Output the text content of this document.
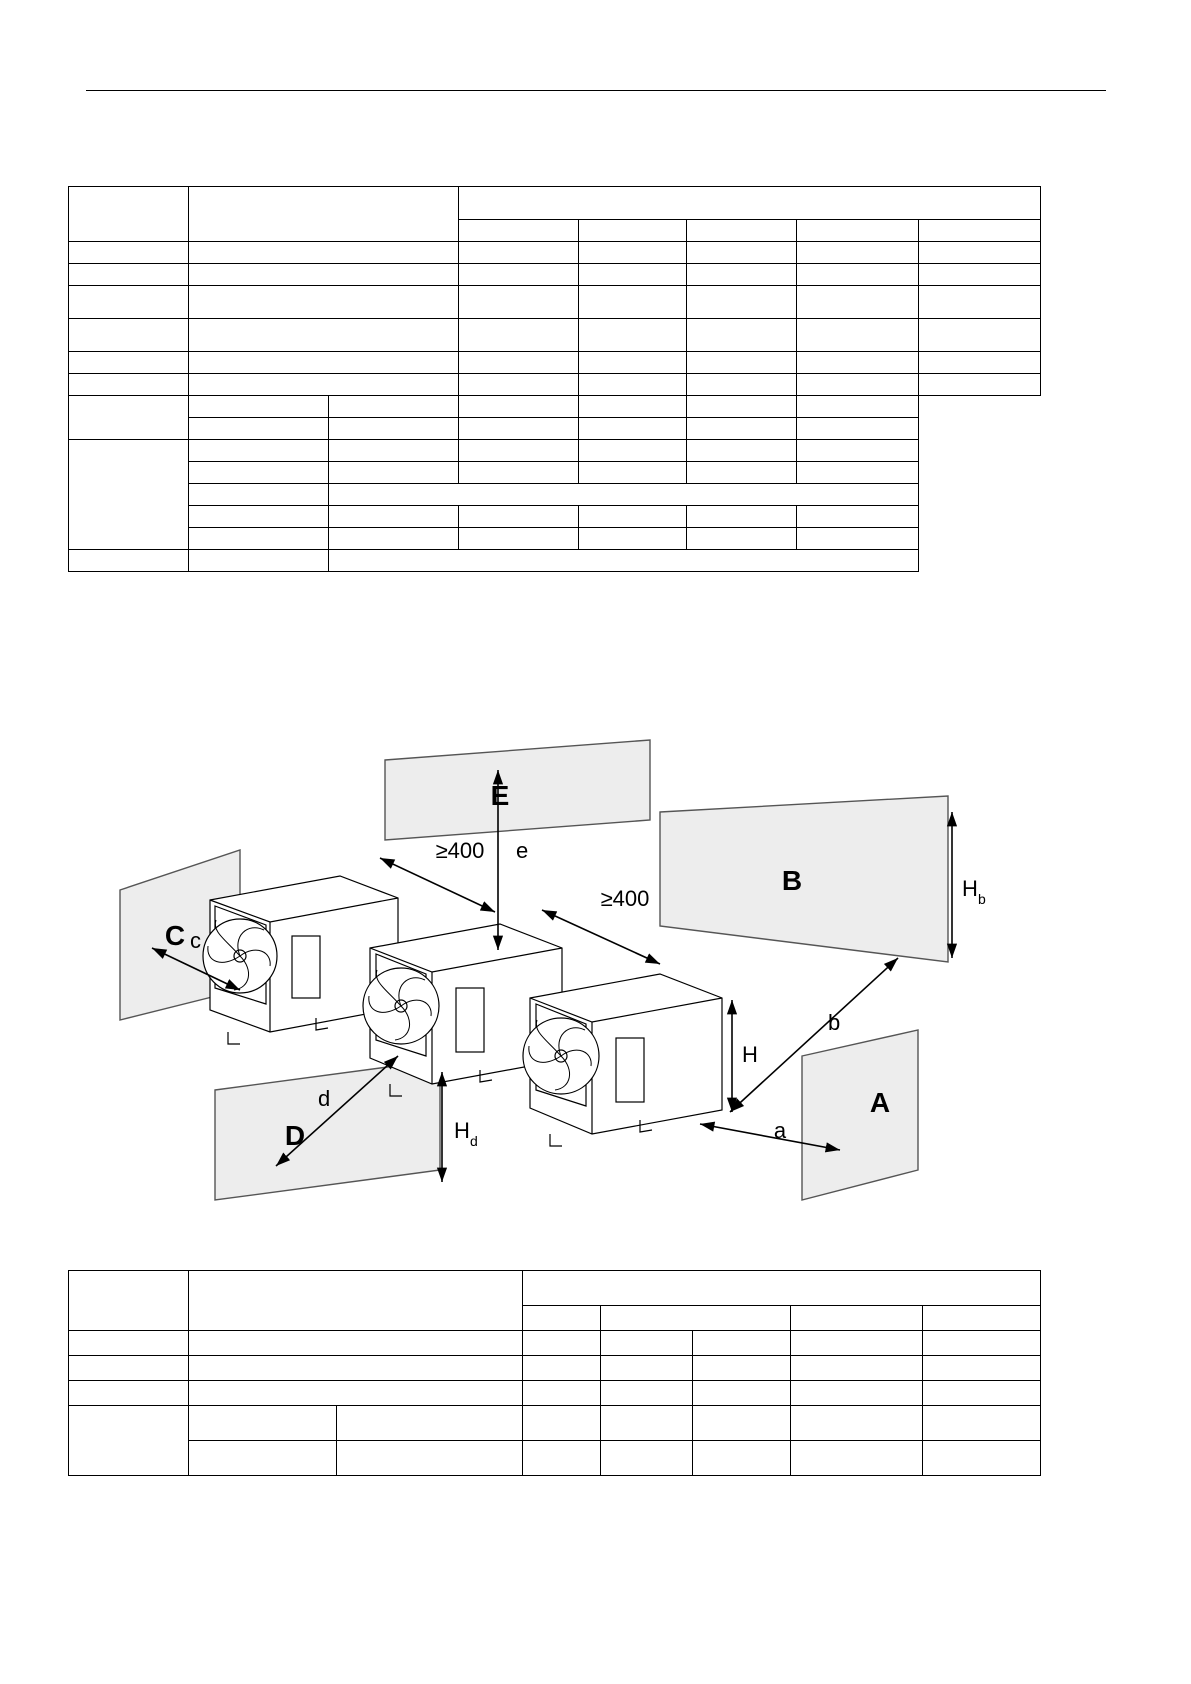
E
B
C
D
A
≥400
≥400
e
c
d
b
a
H
H b
H d
